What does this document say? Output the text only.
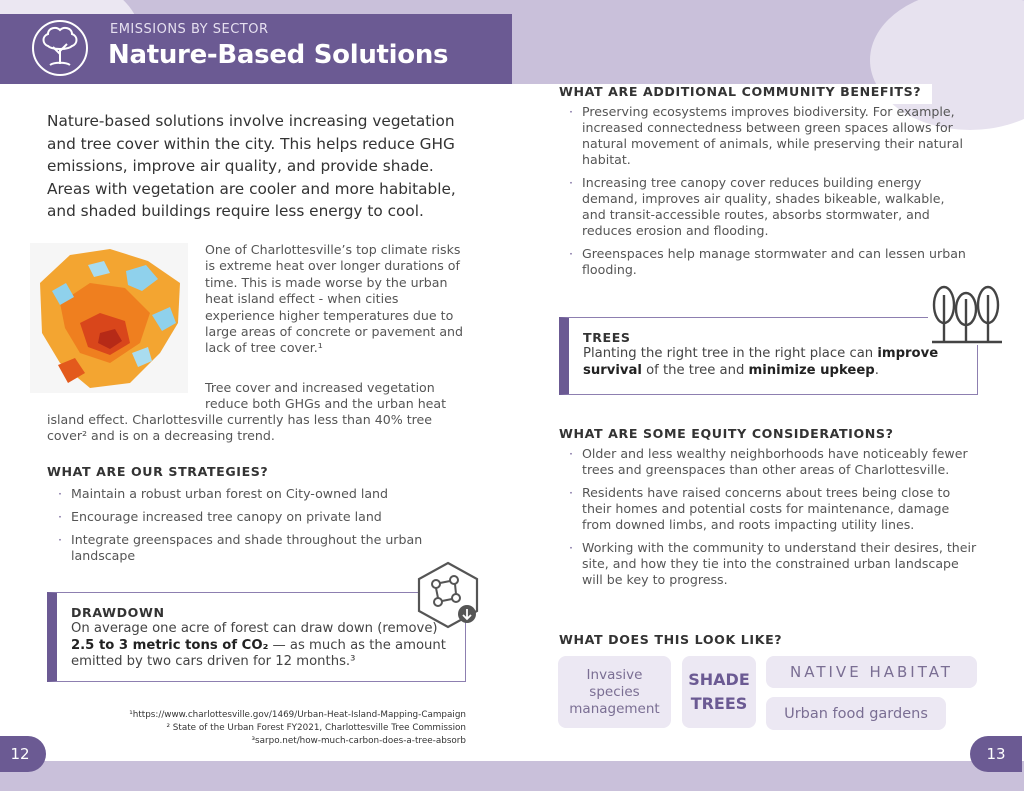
EMISSIONS BY SECTOR
Nature-Based Solutions
Nature-based solutions involve increasing vegetation and tree cover within the city. This helps reduce GHG emissions, improve air quality, and provide shade. Areas with vegetation are cooler and more habitable, and shaded buildings require less energy to cool.
One of Charlottesville’s top climate risks is extreme heat over longer durations of time. This is made worse by the urban heat island effect - when cities experience higher temperatures due to large areas of concrete or pavement and lack of tree cover.¹
Tree cover and increased vegetation reduce both GHGs and the urban heat
island effect. Charlottesville currently has less than 40% tree cover² and is on a decreasing trend.
WHAT ARE OUR STRATEGIES?
· Maintain a robust urban forest on City-owned land
· Encourage increased tree canopy on private land
· Integrate greenspaces and shade throughout the urban landscape
DRAWDOWN
On average one acre of forest can draw down (remove) 2.5 to 3 metric tons of CO₂ — as much as the amount emitted by two cars driven for 12 months.³
¹https://www.charlottesville.gov/1469/Urban-Heat-Island-Mapping-Campaign
² State of the Urban Forest FY2021, Charlottesville Tree Commission
³sarpo.net/how-much-carbon-does-a-tree-absorb
WHAT ARE ADDITIONAL COMMUNITY BENEFITS?
· Preserving ecosystems improves biodiversity. For example, increased connectedness between green spaces allows for natural movement of animals, while preserving their natural habitat.
· Increasing tree canopy cover reduces building energy demand, improves air quality, shades bikeable, walkable, and transit-accessible routes, absorbs stormwater, and reduces erosion and flooding.
· Greenspaces help manage stormwater and can lessen urban flooding.
TREES
Planting the right tree in the right place can improve survival of the tree and minimize upkeep.
WHAT ARE SOME EQUITY CONSIDERATIONS?
· Older and less wealthy neighborhoods have noticeably fewer trees and greenspaces than other areas of Charlottesville.
· Residents have raised concerns about trees being close to their homes and potential costs for maintenance, damage from downed limbs, and roots impacting utility lines.
· Working with the community to understand their desires, their site, and how they tie into the constrained urban landscape will be key to progress.
WHAT DOES THIS LOOK LIKE?
Invasive species management
SHADE TREES
NATIVE HABITAT
Urban food gardens
12	13
